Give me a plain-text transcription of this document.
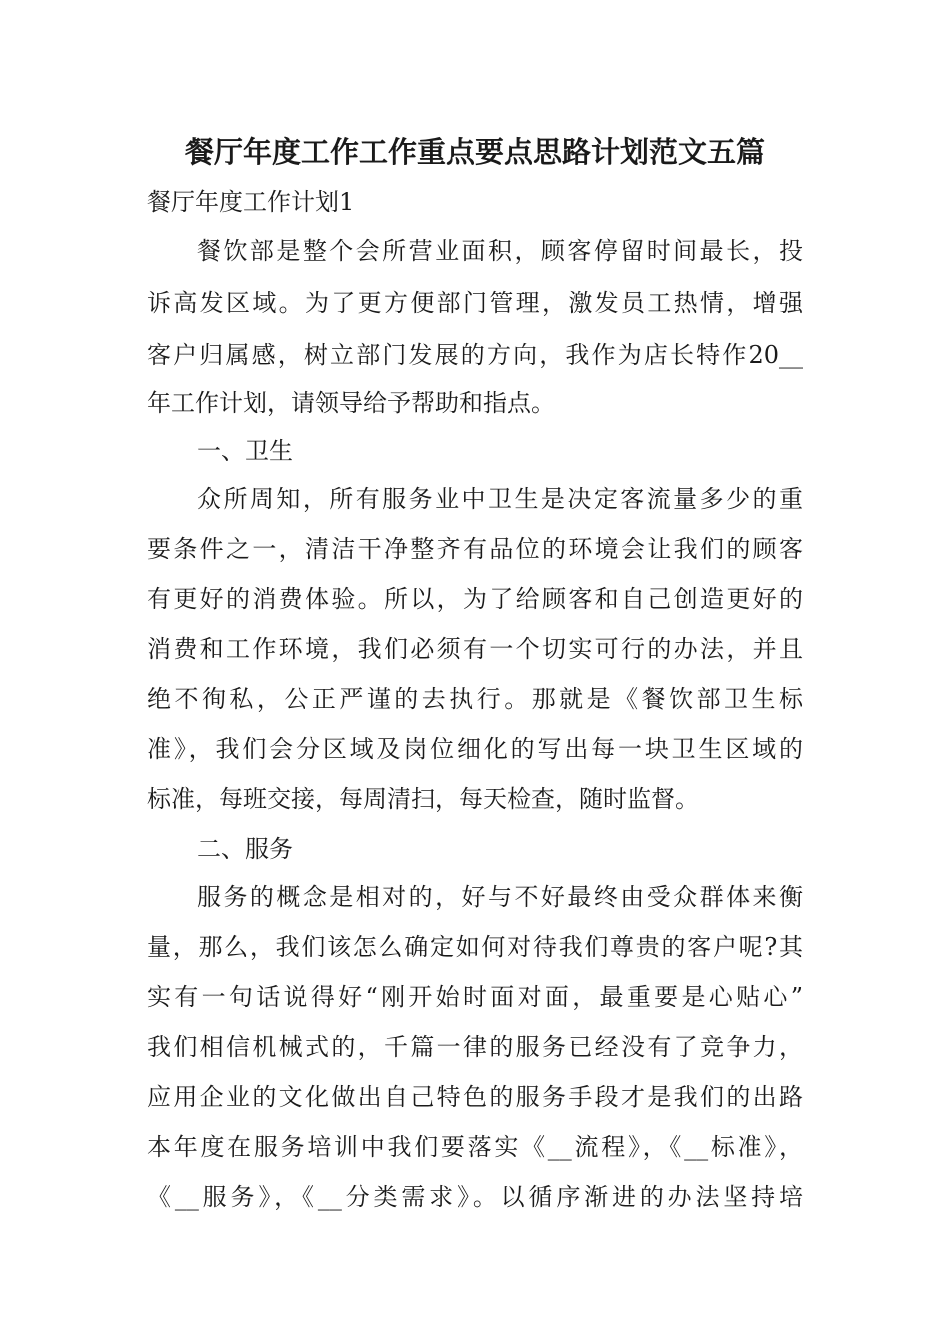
餐厅年度工作工作重点要点思路计划范文五篇
餐厅年度工作计划1
餐饮部是整个会所营业面积，顾客停留时间最长，投
诉高发区域。为了更方便部门管理，激发员工热情，增强
客户归属感，树立部门发展的方向，我作为店长特作20__
年工作计划，请领导给予帮助和指点。
一、卫生
众所周知，所有服务业中卫生是决定客流量多少的重
要条件之一，清洁干净整齐有品位的环境会让我们的顾客
有更好的消费体验。所以，为了给顾客和自己创造更好的
消费和工作环境，我们必须有一个切实可行的办法，并且
绝不徇私，公正严谨的去执行。那就是《餐饮部卫生标
准》，我们会分区域及岗位细化的写出每一块卫生区域的
标准，每班交接，每周清扫，每天检查，随时监督。
二、服务
服务的概念是相对的，好与不好最终由受众群体来衡
量，那么，我们该怎么确定如何对待我们尊贵的客户呢?其
实有一句话说得好“刚开始时面对面，最重要是心贴心”
我们相信机械式的，千篇一律的服务已经没有了竞争力，
应用企业的文化做出自己特色的服务手段才是我们的出路
本年度在服务培训中我们要落实《__流程》，《__标准》，
《__服务》，《__分类需求》。以循序渐进的办法坚持培
